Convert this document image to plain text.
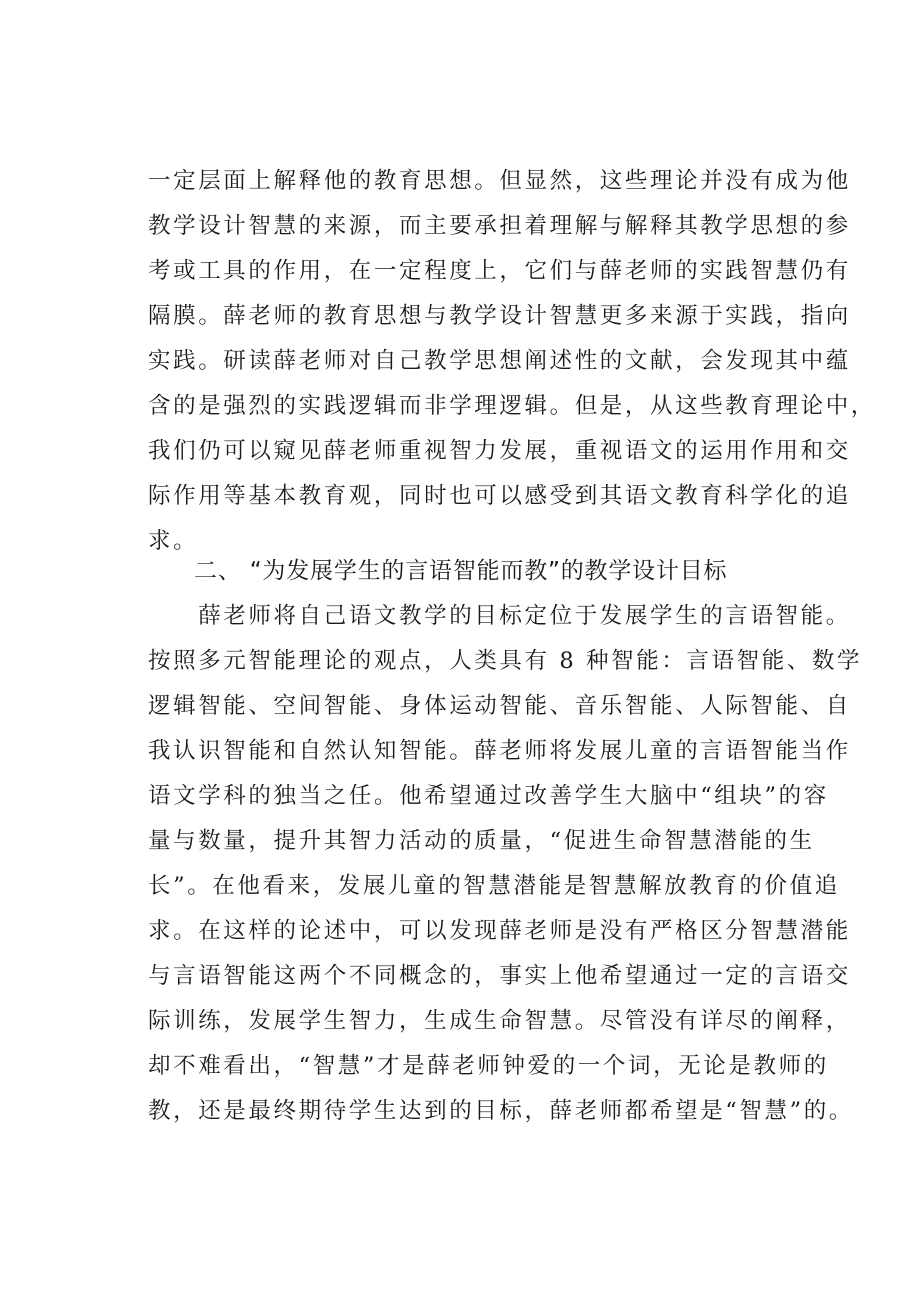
一定层面上解释他的教育思想。但显然，这些理论并没有成为他
教学设计智慧的来源，而主要承担着理解与解释其教学思想的参
考或工具的作用，在一定程度上，它们与薛老师的实践智慧仍有
隔膜。薛老师的教育思想与教学设计智慧更多来源于实践，指向
实践。研读薛老师对自己教学思想阐述性的文献，会发现其中蕴
含的是强烈的实践逻辑而非学理逻辑。但是，从这些教育理论中，
我们仍可以窥见薛老师重视智力发展，重视语文的运用作用和交
际作用等基本教育观，同时也可以感受到其语文教育科学化的追
求。
二、 “为发展学生的言语智能而教”的教学设计目标
　　薛老师将自己语文教学的目标定位于发展学生的言语智能。
按照多元智能理论的观点，人类具有 8 种智能：言语智能、数学
逻辑智能、空间智能、身体运动智能、音乐智能、人际智能、自
我认识智能和自然认知智能。薛老师将发展儿童的言语智能当作
语文学科的独当之任。他希望通过改善学生大脑中“组块”的容
量与数量，提升其智力活动的质量，“促进生命智慧潜能的生
长”。在他看来，发展儿童的智慧潜能是智慧解放教育的价值追
求。在这样的论述中，可以发现薛老师是没有严格区分智慧潜能
与言语智能这两个不同概念的，事实上他希望通过一定的言语交
际训练，发展学生智力，生成生命智慧。尽管没有详尽的阐释，
却不难看出，“智慧”才是薛老师钟爱的一个词，无论是教师的
教，还是最终期待学生达到的目标，薛老师都希望是“智慧”的。
